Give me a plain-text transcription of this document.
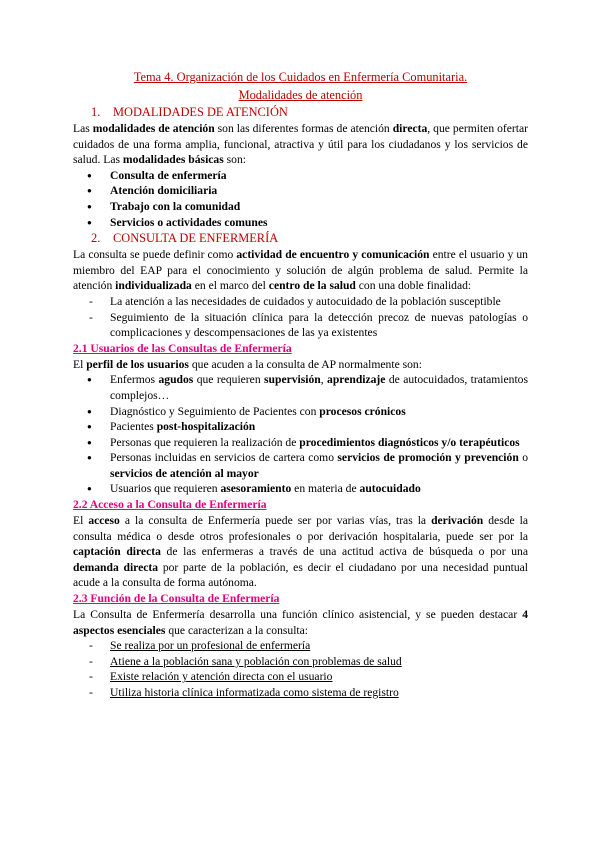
Tema 4. Organización de los Cuidados en Enfermería Comunitaria.
Modalidades de atención
1.	MODALIDADES DE ATENCIÓN

Las modalidades de atención son las diferentes formas de atención directa, que permiten ofertar cuidados de una forma amplia, funcional, atractiva y útil para los ciudadanos y los servicios de salud. Las modalidades básicas son:

● Consulta de enfermería
● Atención domiciliaria
● Trabajo con la comunidad
● Servicios o actividades comunes
2.	CONSULTA DE ENFERMERÍA

La consulta se puede definir como actividad de encuentro y comunicación entre el usuario y un miembro del EAP para el conocimiento y solución de algún problema de salud. Permite la atención individualizada en el marco del centro de la salud con una doble finalidad:

- La atención a las necesidades de cuidados y autocuidado de la población susceptible
- Seguimiento de la situación clínica para la detección precoz de nuevas patologías o complicaciones y descompensaciones de las ya existentes
2.1 Usuarios de las Consultas de Enfermería

El perfil de los usuarios que acuden a la consulta de AP normalmente son:

● Enfermos agudos que requieren supervisión, aprendizaje de autocuidados, tratamientos complejos…
● Diagnóstico y Seguimiento de Pacientes con procesos crónicos
● Pacientes post-hospitalización
● Personas que requieren la realización de procedimientos diagnósticos y/o terapéuticos
● Personas incluidas en servicios de cartera como servicios de promoción y prevención o servicios de atención al mayor
● Usuarios que requieren asesoramiento en materia de autocuidado
2.2 Acceso a la Consulta de Enfermería

El acceso a la consulta de Enfermería puede ser por varias vías, tras la derivación desde la consulta médica o desde otros profesionales o por derivación hospitalaria, puede ser por la captación directa de las enfermeras a través de una actitud activa de búsqueda o por una demanda directa por parte de la población, es decir el ciudadano por una necesidad puntual acude a la consulta de forma autónoma.

2.3 Función de la Consulta de Enfermería

La Consulta de Enfermería desarrolla una función clínico asistencial, y se pueden destacar 4 aspectos esenciales que caracterizan a la consulta:

- Se realiza por un profesional de enfermería
- Atiene a la población sana y población con problemas de salud
- Existe relación y atención directa con el usuario
- Utiliza historia clínica informatizada como sistema de registro
